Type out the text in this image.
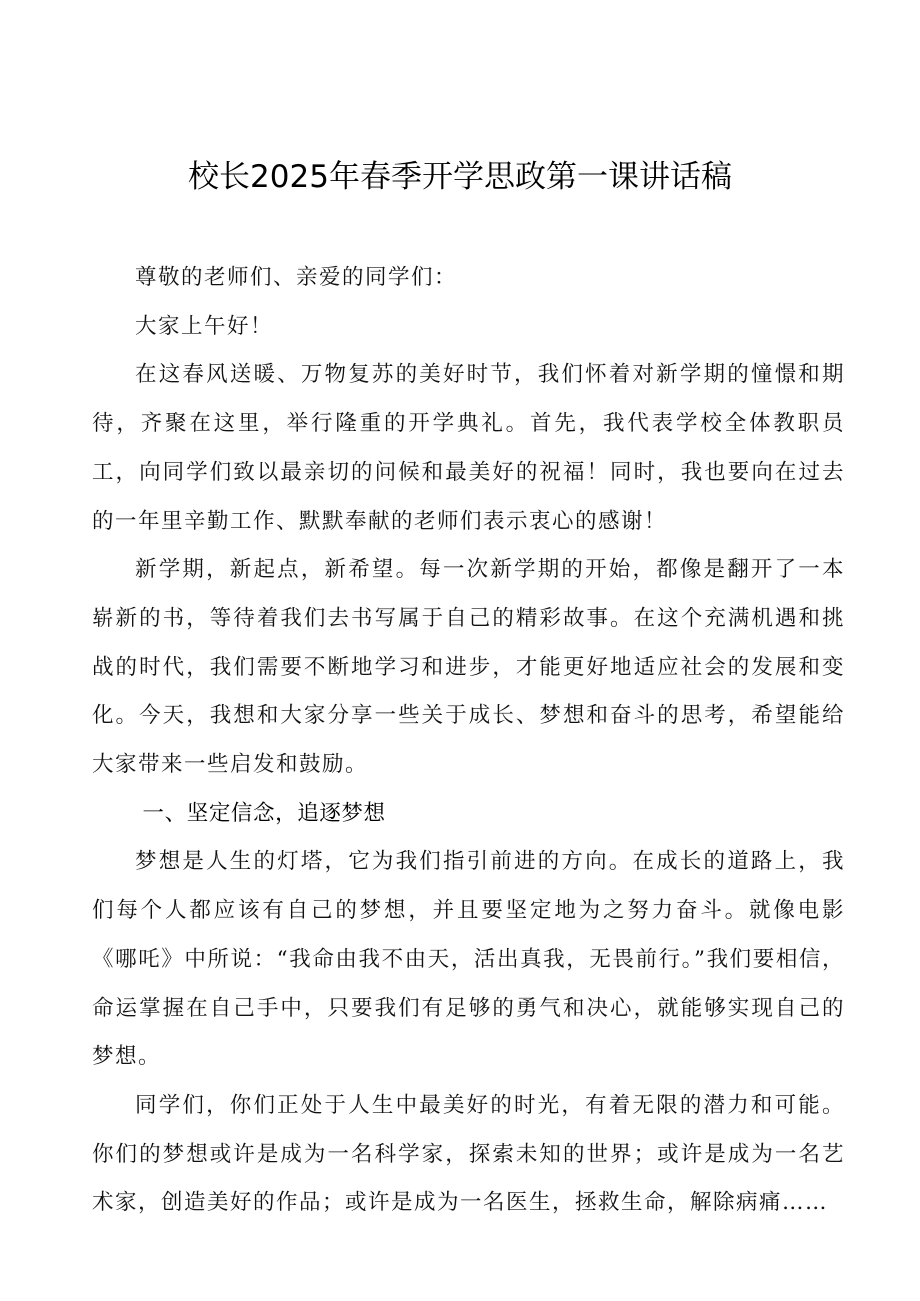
校长2025年春季开学思政第一课讲话稿

尊敬的老师们、亲爱的同学们：

大家上午好！

在这春风送暖、万物复苏的美好时节，我们怀着对新学期的憧憬和期待，齐聚在这里，举行隆重的开学典礼。首先，我代表学校全体教职员工，向同学们致以最亲切的问候和最美好的祝福！同时，我也要向在过去的一年里辛勤工作、默默奉献的老师们表示衷心的感谢！

新学期，新起点，新希望。每一次新学期的开始，都像是翻开了一本崭新的书，等待着我们去书写属于自己的精彩故事。在这个充满机遇和挑战的时代，我们需要不断地学习和进步，才能更好地适应社会的发展和变化。今天，我想和大家分享一些关于成长、梦想和奋斗的思考，希望能给大家带来一些启发和鼓励。

一、坚定信念，追逐梦想

梦想是人生的灯塔，它为我们指引前进的方向。在成长的道路上，我们每个人都应该有自己的梦想，并且要坚定地为之努力奋斗。就像电影《哪吒》中所说：“我命由我不由天，活出真我，无畏前行。”我们要相信，命运掌握在自己手中，只要我们有足够的勇气和决心，就能够实现自己的梦想。

同学们，你们正处于人生中最美好的时光，有着无限的潜力和可能。你们的梦想或许是成为一名科学家，探索未知的世界；或许是成为一名艺术家，创造美好的作品；或许是成为一名医生，拯救生命，解除病痛……
